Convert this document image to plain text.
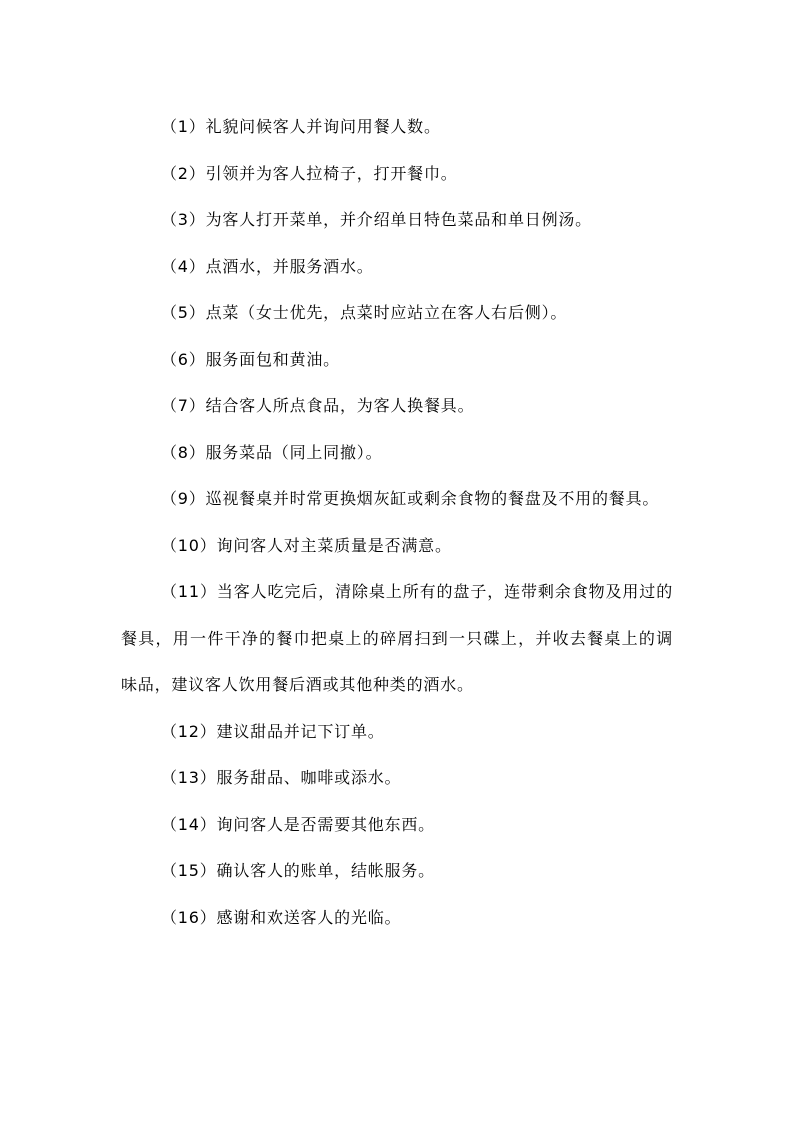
（1）礼貌问候客人并询问用餐人数。

（2）引领并为客人拉椅子，打开餐巾。

（3）为客人打开菜单，并介绍单日特色菜品和单日例汤。

（4）点酒水，并服务酒水。

（5）点菜（女士优先，点菜时应站立在客人右后侧）。

（6）服务面包和黄油。

（7）结合客人所点食品，为客人换餐具。

（8）服务菜品（同上同撤）。

（9）巡视餐桌并时常更换烟灰缸或剩余食物的餐盘及不用的餐具。

（10）询问客人对主菜质量是否满意。

（11）当客人吃完后，清除桌上所有的盘子，连带剩余食物及用过的餐具，用一件干净的餐巾把桌上的碎屑扫到一只碟上，并收去餐桌上的调味品，建议客人饮用餐后酒或其他种类的酒水。

（12）建议甜品并记下订单。

（13）服务甜品、咖啡或添水。

（14）询问客人是否需要其他东西。

（15）确认客人的账单，结帐服务。

（16）感谢和欢送客人的光临。
